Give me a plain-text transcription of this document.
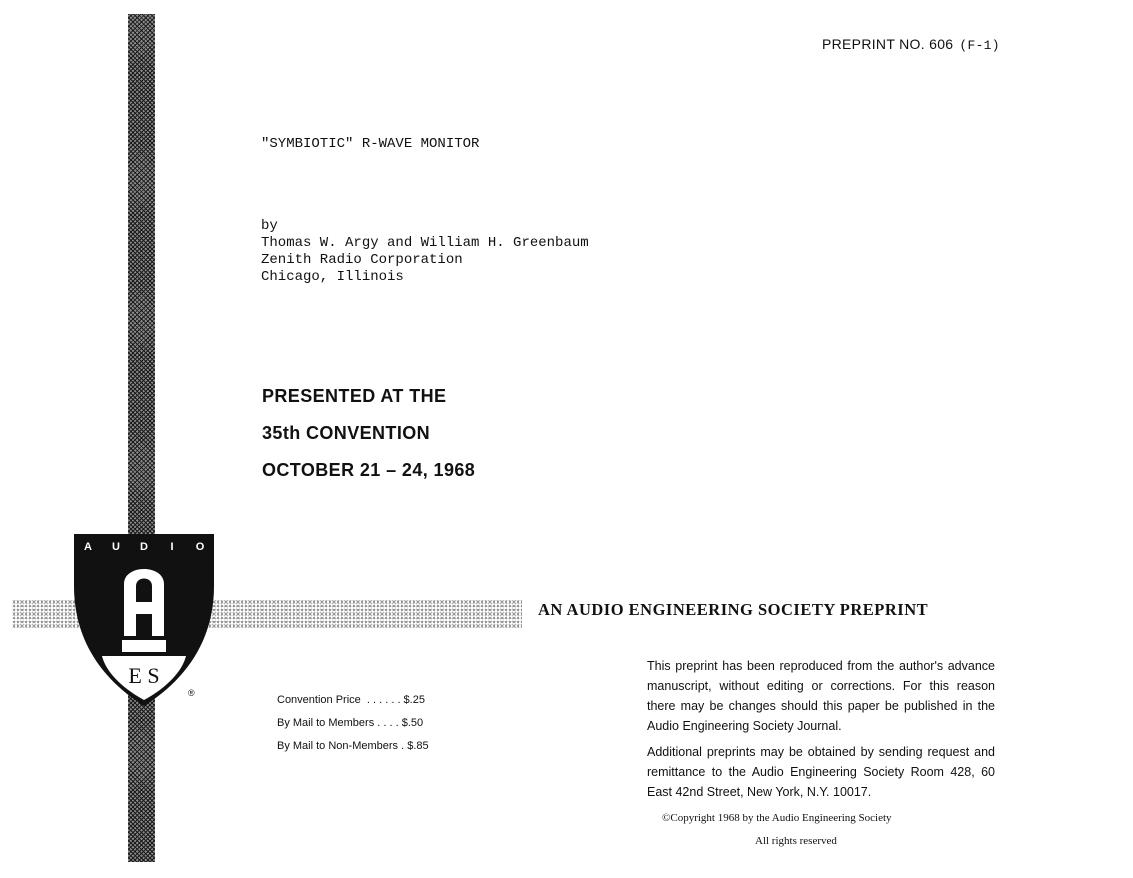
A U D I O
E S
®
PREPRINT NO. 606 (F-1)
"SYMBIOTIC" R-WAVE MONITOR
by
Thomas W. Argy and William H. Greenbaum
Zenith Radio Corporation
Chicago, Illinois
PRESENTED AT THE
35th CONVENTION
OCTOBER 21 – 24, 1968
AN AUDIO ENGINEERING SOCIETY PREPRINT
Convention Price  . . . . . . $.25
By Mail to Members . . . . $.50
By Mail to Non-Members . $.85

This preprint has been reproduced from the author's advance manuscript, without editing or corrections. For this reason there may be changes should this paper be published in the Audio Engineering Society Journal.

Additional preprints may be obtained by sending request and remittance to the Audio Engineering Society Room 428, 60 East 42nd Street, New York, N.Y. 10017.

©Copyright 1968 by the Audio Engineering Society
All rights reserved
